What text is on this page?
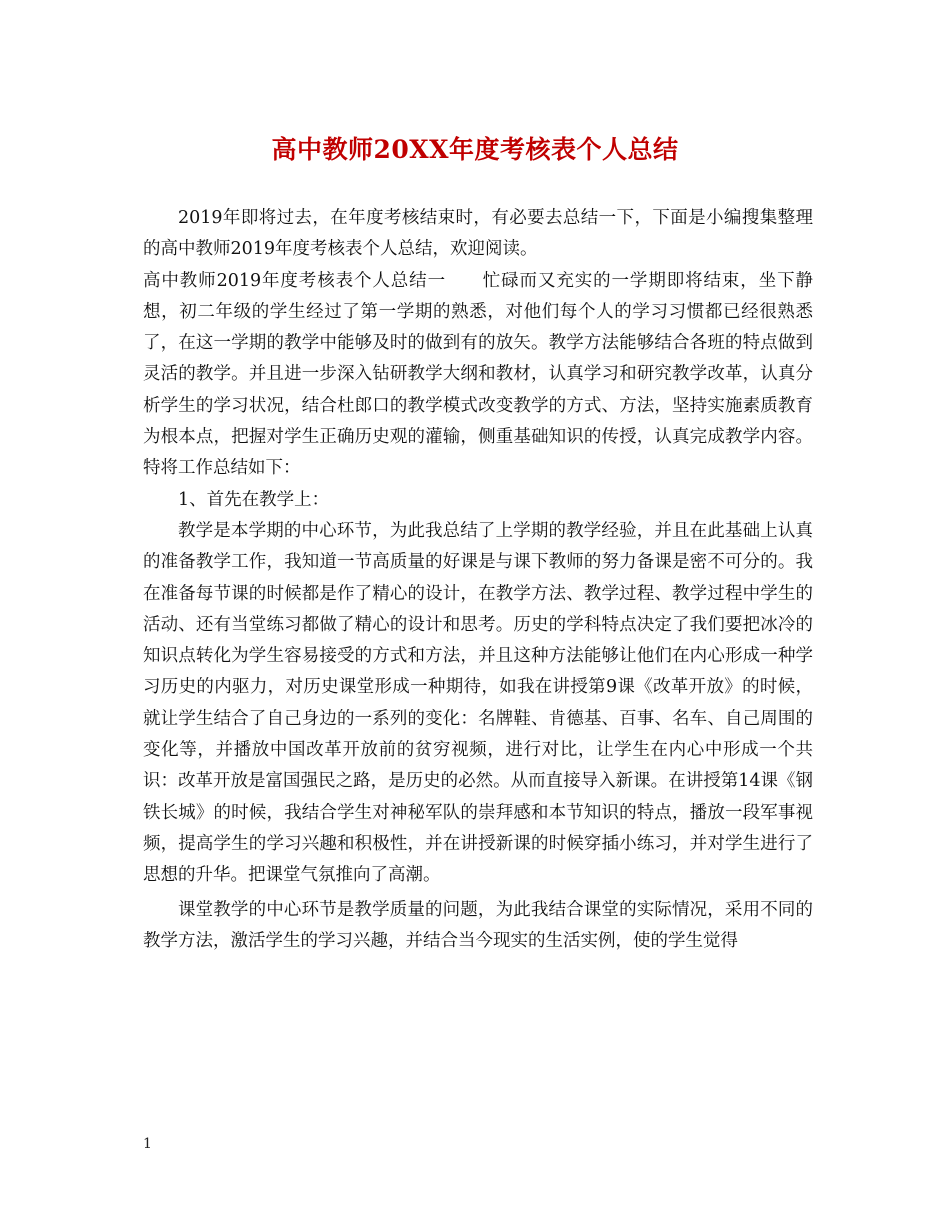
高中教师20XX年度考核表个人总结

2019年即将过去，在年度考核结束时，有必要去总结一下，下面是小编搜集整理的高中教师2019年度考核表个人总结，欢迎阅读。

高中教师2019年度考核表个人总结一　　忙碌而又充实的一学期即将结束，坐下静想，初二年级的学生经过了第一学期的熟悉，对他们每个人的学习习惯都已经很熟悉了，在这一学期的教学中能够及时的做到有的放矢。教学方法能够结合各班的特点做到灵活的教学。并且进一步深入钻研教学大纲和教材，认真学习和研究教学改革，认真分析学生的学习状况，结合杜郎口的教学模式改变教学的方式、方法，坚持实施素质教育为根本点，把握对学生正确历史观的灌输，侧重基础知识的传授，认真完成教学内容。特将工作总结如下：

1、首先在教学上：

教学是本学期的中心环节，为此我总结了上学期的教学经验，并且在此基础上认真的准备教学工作，我知道一节高质量的好课是与课下教师的努力备课是密不可分的。我在准备每节课的时候都是作了精心的设计，在教学方法、教学过程、教学过程中学生的活动、还有当堂练习都做了精心的设计和思考。历史的学科特点决定了我们要把冰冷的知识点转化为学生容易接受的方式和方法，并且这种方法能够让他们在内心形成一种学习历史的内驱力，对历史课堂形成一种期待，如我在讲授第9课《改革开放》的时候，就让学生结合了自己身边的一系列的变化：名牌鞋、肯德基、百事、名车、自己周围的变化等，并播放中国改革开放前的贫穷视频，进行对比，让学生在内心中形成一个共识：改革开放是富国强民之路，是历史的必然。从而直接导入新课。在讲授第14课《钢铁长城》的时候，我结合学生对神秘军队的崇拜感和本节知识的特点，播放一段军事视频，提高学生的学习兴趣和积极性，并在讲授新课的时候穿插小练习，并对学生进行了思想的升华。把课堂气氛推向了高潮。

课堂教学的中心环节是教学质量的问题，为此我结合课堂的实际情况，采用不同的教学方法，激活学生的学习兴趣，并结合当今现实的生活实例，使的学生觉得

1
